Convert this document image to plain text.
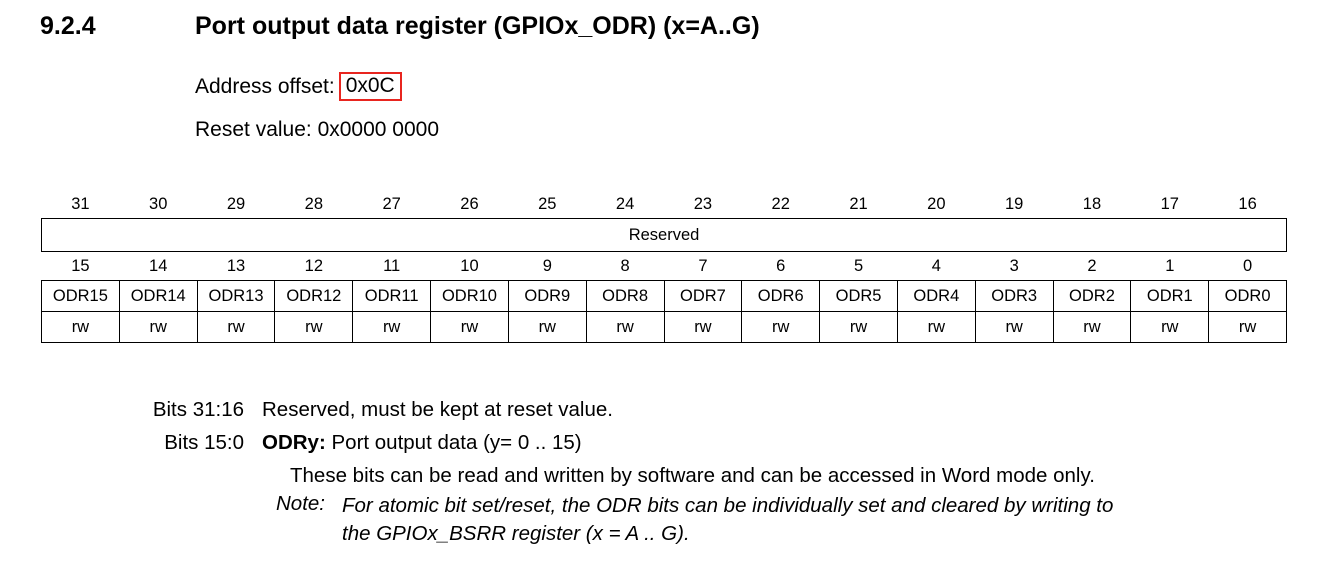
9.2.4	Port output data register (GPIOx_ODR) (x=A..G)
Address offset: 0x0C
Reset value: 0x0000 0000
31	30	29	28	27	26	25	24	23	22	21	20	19	18	17	16
Reserved															
15	14	13	12	11	10	9	8	7	6	5	4	3	2	1	0
ODR15	ODR14	ODR13	ODR12	ODR11	ODR10	ODR9	ODR8	ODR7	ODR6	ODR5	ODR4	ODR3	ODR2	ODR1	ODR0
rw	rw	rw	rw	rw	rw	rw	rw	rw	rw	rw	rw	rw	rw	rw	rw
Bits 31:16 Reserved, must be kept at reset value.
Bits 15:0 ODRy: Port output data (y= 0 .. 15)
These bits can be read and written by software and can be accessed in Word mode only.
Note: For atomic bit set/reset, the ODR bits can be individually set and cleared by writing to
the GPIOx_BSRR register (x = A .. G).
